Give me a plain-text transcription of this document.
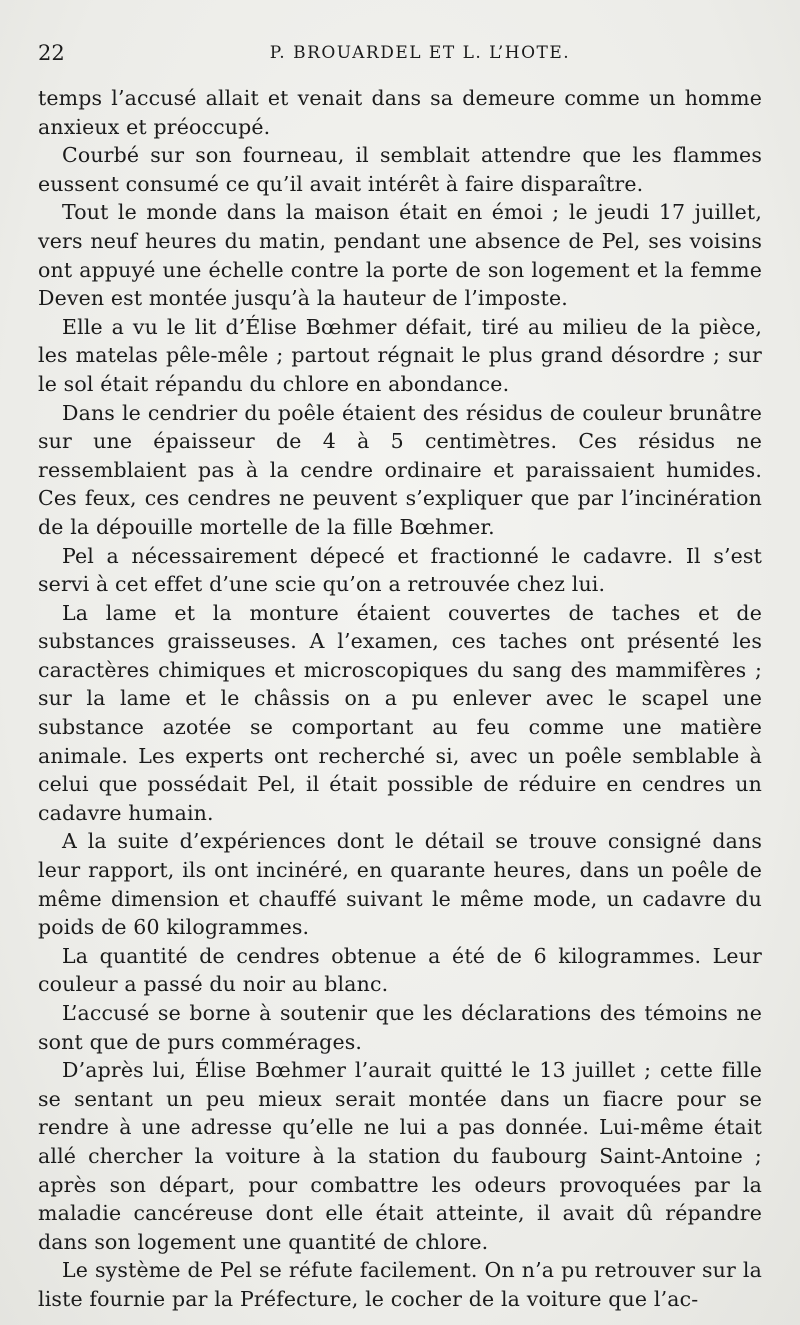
22	P. BROUARDEL ET L. L’HOTE.

temps l’accusé allait et venait dans sa demeure comme un homme anxieux et préoccupé.

Courbé sur son fourneau, il semblait attendre que les flammes eussent consumé ce qu’il avait intérêt à faire disparaître.

Tout le monde dans la maison était en émoi ; le jeudi 17 juillet, vers neuf heures du matin, pendant une absence de Pel, ses voisins ont appuyé une échelle contre la porte de son logement et la femme Deven est montée jusqu’à la hauteur de l’imposte.

Elle a vu le lit d’Élise Bœhmer défait, tiré au milieu de la pièce, les matelas pêle-mêle ; partout régnait le plus grand désordre ; sur le sol était répandu du chlore en abondance.

Dans le cendrier du poêle étaient des résidus de couleur brunâtre sur une épaisseur de 4 à 5 centimètres. Ces résidus ne ressemblaient pas à la cendre ordinaire et paraissaient humides. Ces feux, ces cendres ne peuvent s’expliquer que par l’incinération de la dépouille mortelle de la fille Bœhmer.

Pel a nécessairement dépecé et fractionné le cadavre. Il s’est servi à cet effet d’une scie qu’on a retrouvée chez lui.

La lame et la monture étaient couvertes de taches et de substances graisseuses. A l’examen, ces taches ont présenté les caractères chimiques et microscopiques du sang des mammifères ; sur la lame et le châssis on a pu enlever avec le scapel une substance azotée se comportant au feu comme une matière animale. Les experts ont recherché si, avec un poêle semblable à celui que possédait Pel, il était possible de réduire en cendres un cadavre humain.

A la suite d’expériences dont le détail se trouve consigné dans leur rapport, ils ont incinéré, en quarante heures, dans un poêle de même dimension et chauffé suivant le même mode, un cadavre du poids de 60 kilogrammes.

La quantité de cendres obtenue a été de 6 kilogrammes. Leur couleur a passé du noir au blanc.

L’accusé se borne à soutenir que les déclarations des témoins ne sont que de purs commérages.

D’après lui, Élise Bœhmer l’aurait quitté le 13 juillet ; cette fille se sentant un peu mieux serait montée dans un fiacre pour se rendre à une adresse qu’elle ne lui a pas donnée. Lui-même était allé chercher la voiture à la station du faubourg Saint-Antoine ; après son départ, pour combattre les odeurs provoquées par la maladie cancéreuse dont elle était atteinte, il avait dû répandre dans son logement une quantité de chlore.

Le système de Pel se réfute facilement. On n’a pu retrouver sur la liste fournie par la Préfecture, le cocher de la voiture que l’ac-
